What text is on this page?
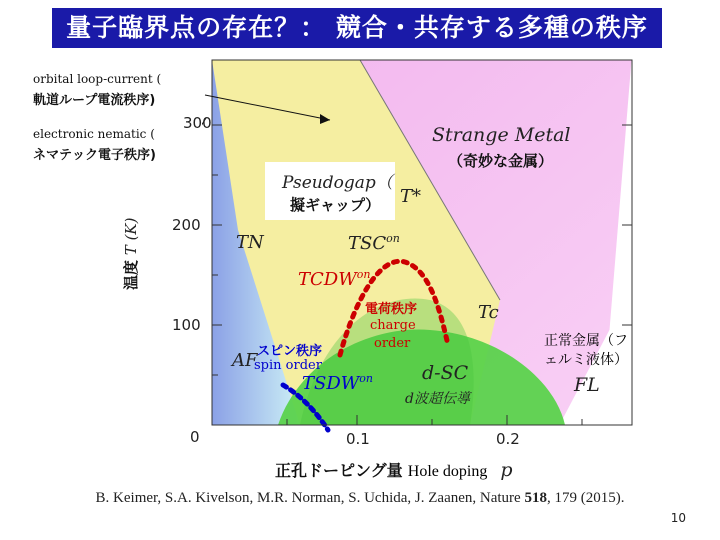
量子臨界点の存在？： 競合・共存する多種の秩序
orbital loop-current (
軌道ループ電流秩序)
electronic nematic (
ネマテック電子秩序)
温度 T (K)
300
200
100
0	0.1	0.2
正孔ドーピング量 Hole doping p
Strange Metal
（奇妙な金属）
Pseudogap（
擬ギャップ） T*
TN	$TSC^{on}$
$TCDW^{on}$
電荷秩序
charge
order
Tc
スピン秩序
spin order
AF
$TSDW^{on}$	d-SC
d波超伝導
正常金属（フ
ェルミ液体）
FL
B. Keimer, S.A. Kivelson, M.R. Norman, S. Uchida, J. Zaanen, Nature 518, 179 (2015).
10
